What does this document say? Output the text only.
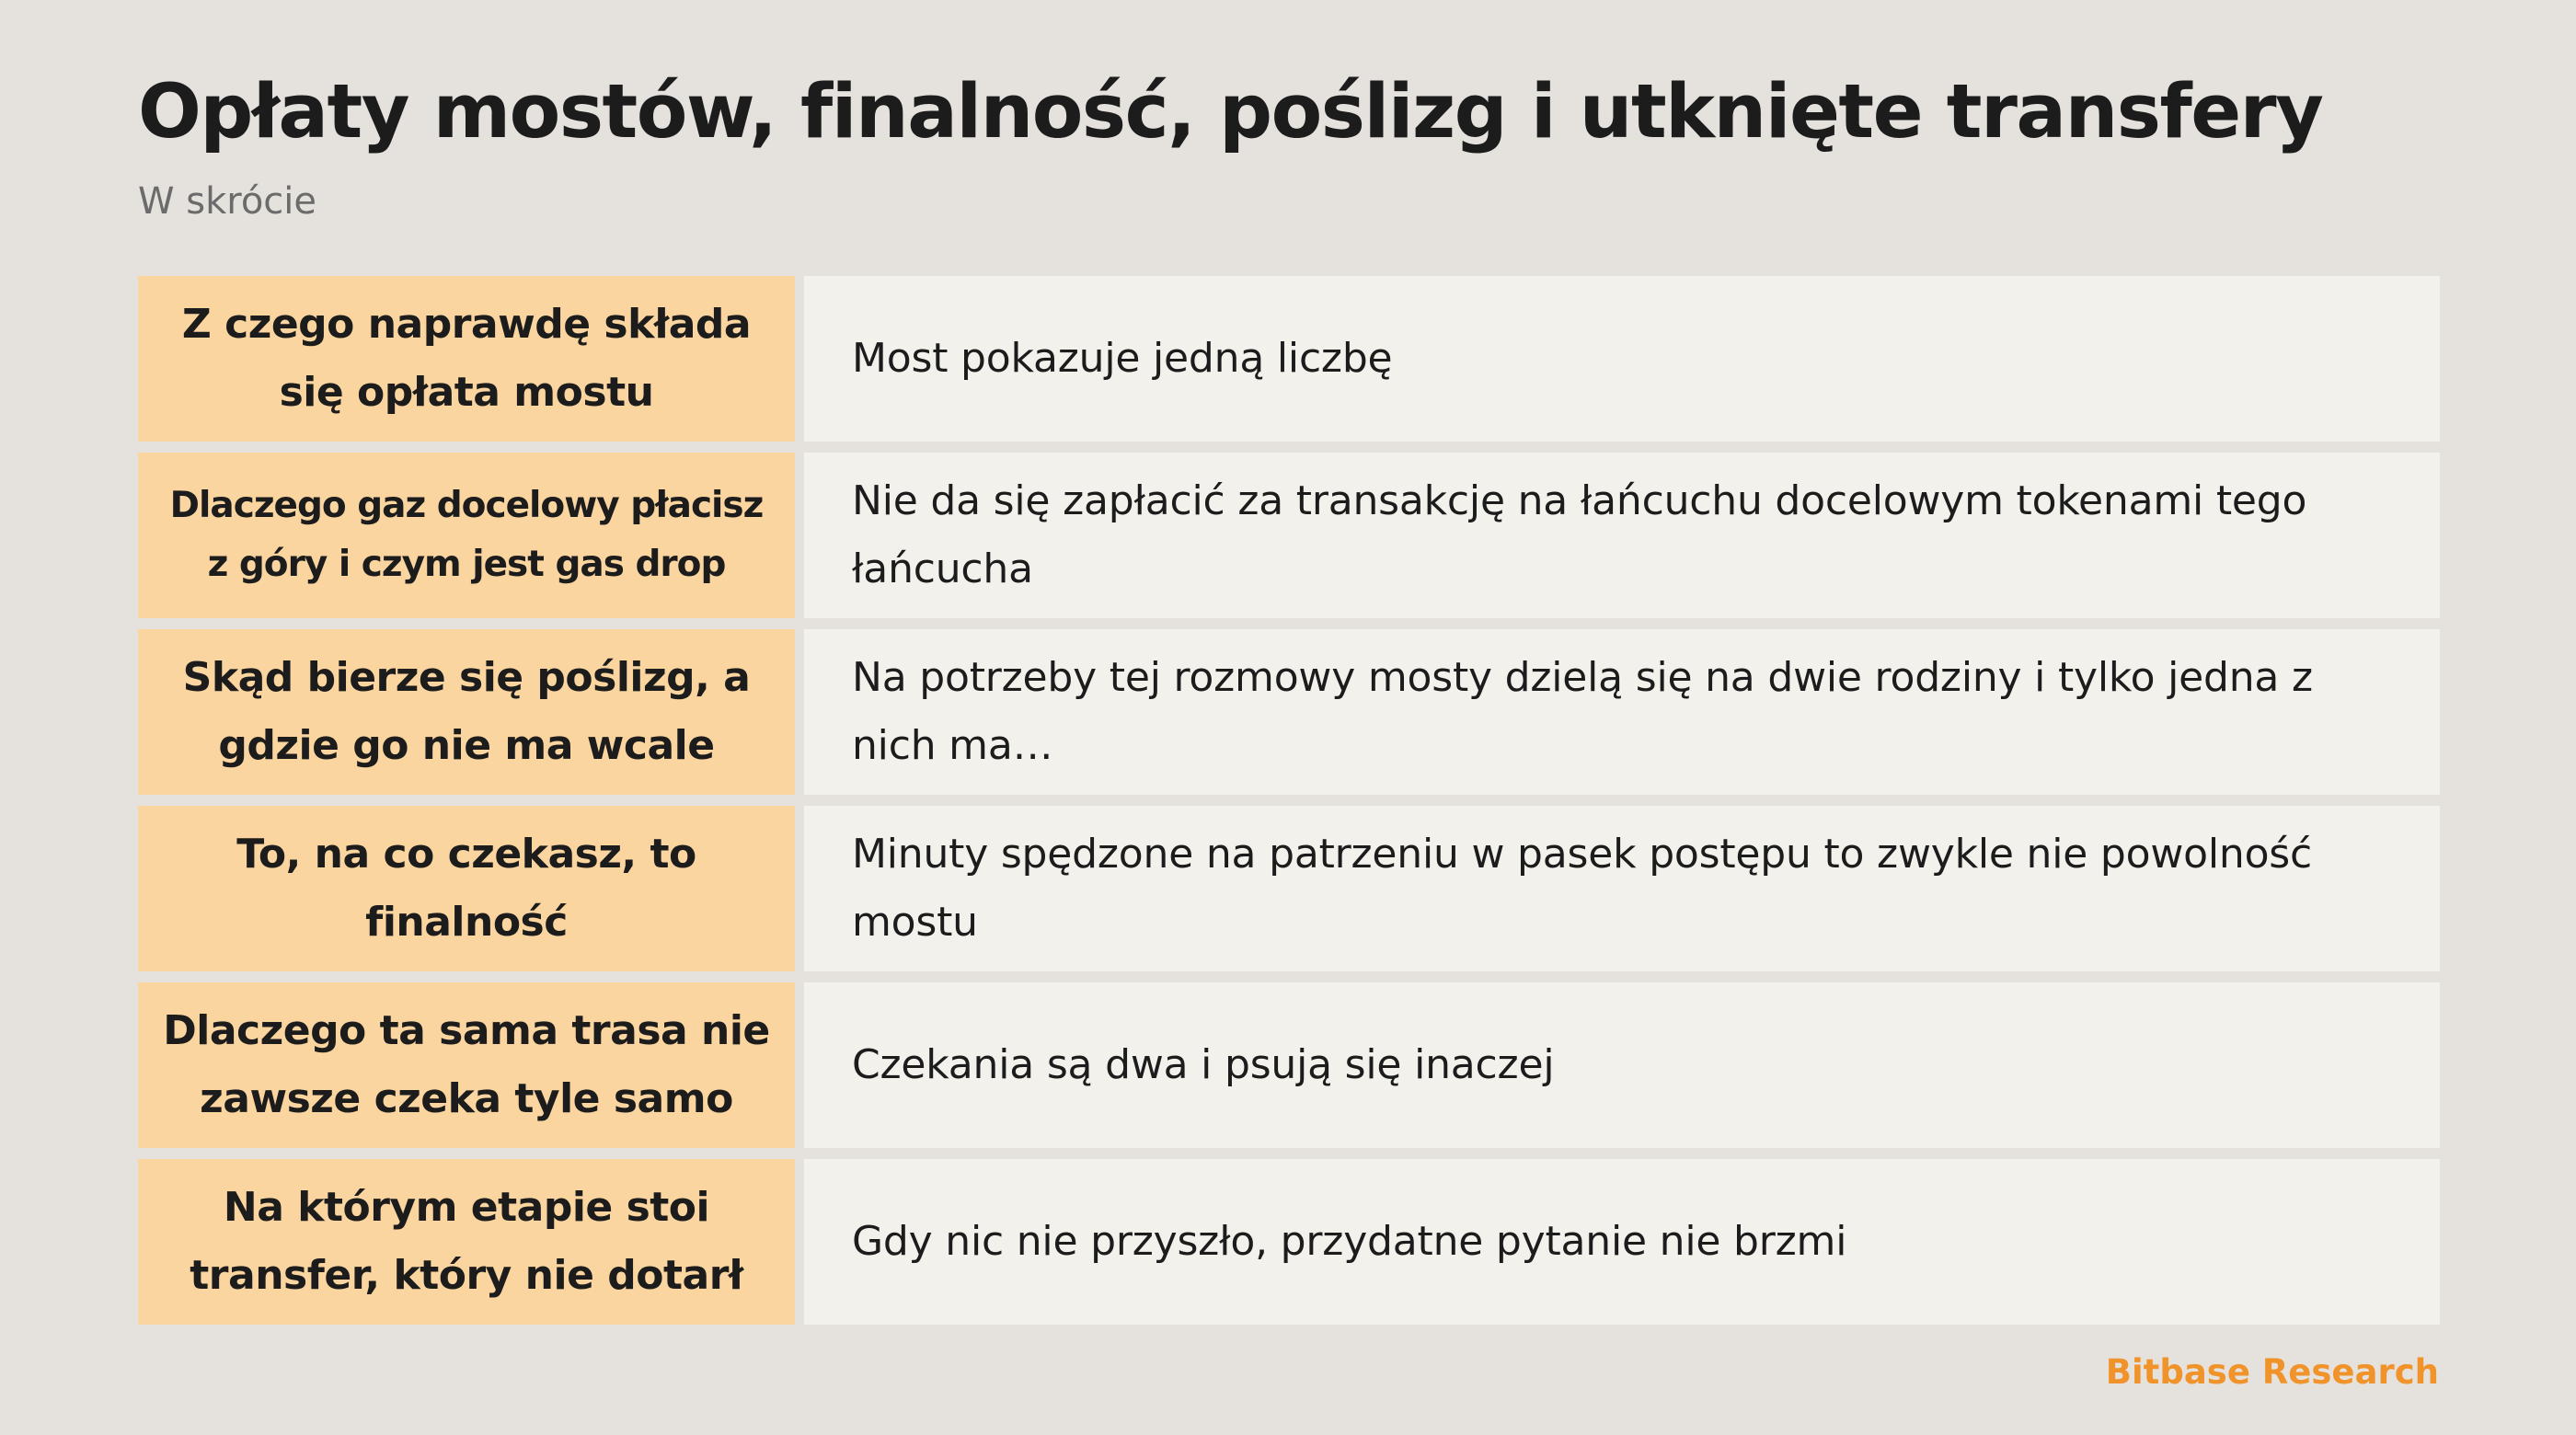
Opłaty mostów, finalność, poślizg i utknięte transfery

W skrócie

Z czego naprawdę składa się opłata mostu
Most pokazuje jedną liczbę
Dlaczego gaz docelowy płacisz z góry i czym jest gas drop
Nie da się zapłacić za transakcję na łańcuchu docelowym tokenami tego łańcucha
Skąd bierze się poślizg, a gdzie go nie ma wcale
Na potrzeby tej rozmowy mosty dzielą się na dwie rodziny i tylko jedna z nich ma…
To, na co czekasz, to finalność
Minuty spędzone na patrzeniu w pasek postępu to zwykle nie powolność mostu
Dlaczego ta sama trasa nie zawsze czeka tyle samo
Czekania są dwa i psują się inaczej
Na którym etapie stoi transfer, który nie dotarł
Gdy nic nie przyszło, przydatne pytanie nie brzmi
Bitbase Research
